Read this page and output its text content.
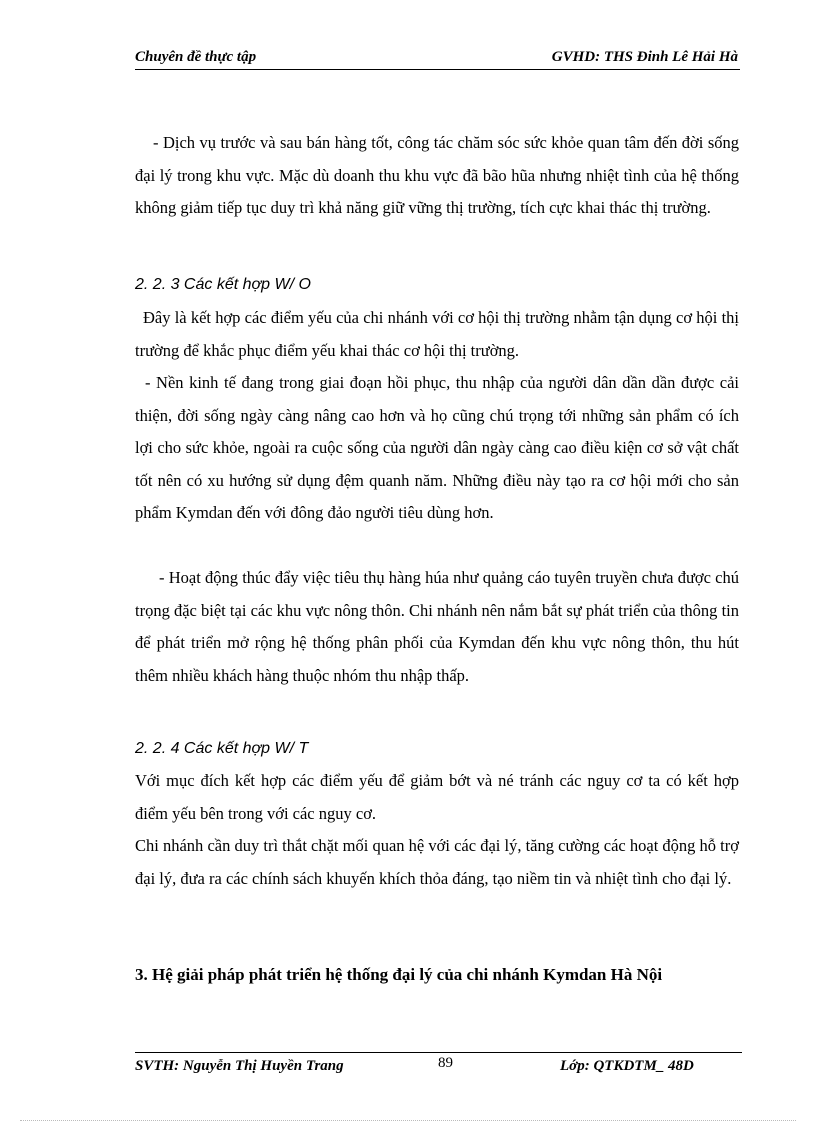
Chuyên đề thực tập	GVHD: THS Đinh Lê Hải Hà

- Dịch vụ trước và sau bán hàng tốt, công tác chăm sóc sức khỏe quan tâm đến đời sống đại lý trong khu vực. Mặc dù doanh thu khu vực đã bão hũa nhưng nhiệt tình của hệ thống không giảm tiếp tục duy trì khả năng giữ vững thị trường, tích cực khai thác thị trường.

2. 2. 3 Các kết hợp W/ O

Đây là kết hợp các điểm yếu của chi nhánh với cơ hội thị trường nhằm tận dụng cơ hội thị trường để khắc phục điểm yếu khai thác cơ hội thị trường.

- Nền kinh tế đang trong giai đoạn hồi phục, thu nhập của người dân dần dần được cải thiện, đời sống ngày càng nâng cao hơn và họ cũng chú trọng tới những sản phẩm có ích lợi cho sức khỏe, ngoài ra cuộc sống của người dân ngày càng cao điều kiện cơ sở vật chất tốt nên có xu hướng sử dụng đệm quanh năm. Những điều này tạo ra cơ hội mới cho sản phẩm Kymdan đến với đông đảo người tiêu dùng hơn.

- Hoạt động thúc đẩy việc tiêu thụ hàng húa như quảng cáo tuyên truyền chưa được chú trọng đặc biệt tại các khu vực nông thôn. Chi nhánh nên nắm bắt sự phát triển của thông tin để phát triển mở rộng hệ thống phân phối của Kymdan đến khu vực nông thôn, thu hút thêm nhiều khách hàng thuộc nhóm thu nhập thấp.

2. 2. 4 Các kết hợp W/ T

Với mục đích kết hợp các điểm yếu để giảm bớt và né tránh các nguy cơ ta có kết hợp điểm yếu bên trong với các nguy cơ.

Chi nhánh cần duy trì thắt chặt mối quan hệ với các đại lý, tăng cường các hoạt động hỗ trợ đại lý, đưa ra các chính sách khuyến khích thỏa đáng, tạo niềm tin và nhiệt tình cho đại lý.

3. Hệ giải pháp phát triển hệ thống đại lý của chi nhánh Kymdan Hà Nội

SVTH: Nguyễn Thị Huyền Trang	89	Lớp: QTKDTM_ 48D
